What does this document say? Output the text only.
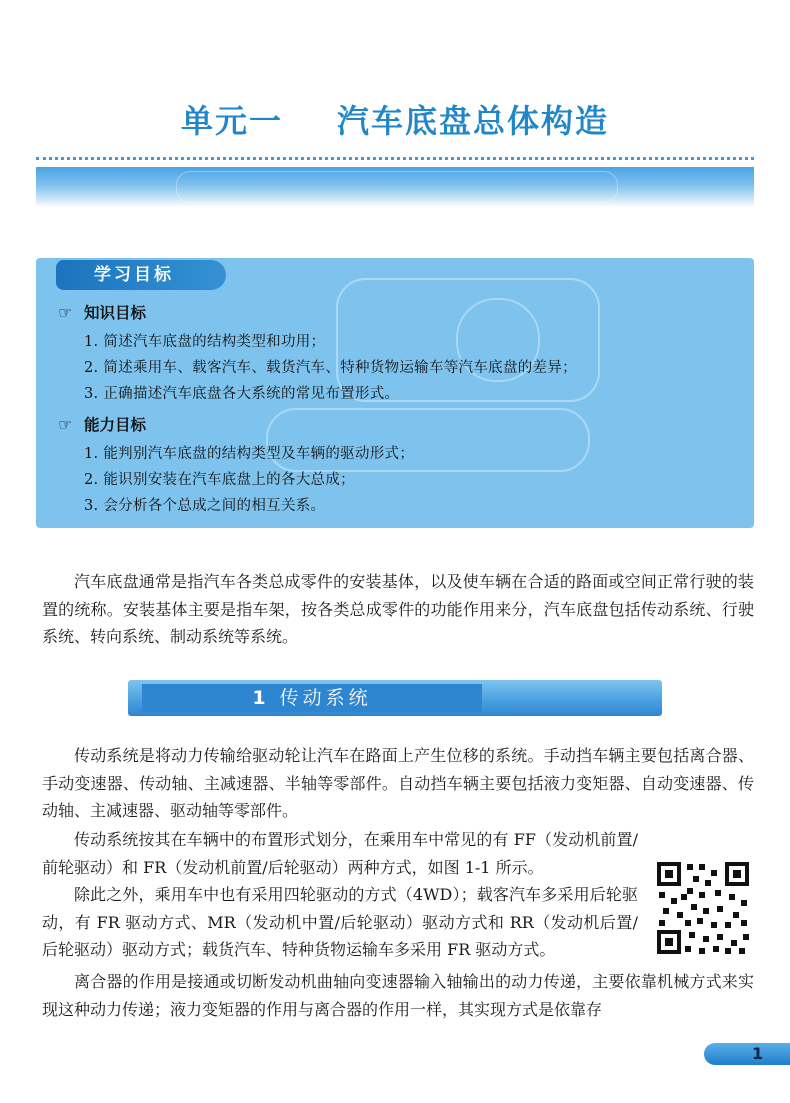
单元一 汽车底盘总体构造
学习目标
☞ 知识目标
1. 简述汽车底盘的结构类型和功用；
2. 简述乘用车、载客汽车、载货汽车、特种货物运输车等汽车底盘的差异；
3. 正确描述汽车底盘各大系统的常见布置形式。
☞ 能力目标
1. 能判别汽车底盘的结构类型及车辆的驱动形式；
2. 能识别安装在汽车底盘上的各大总成；
3. 会分析各个总成之间的相互关系。

汽车底盘通常是指汽车各类总成零件的安装基体，以及使车辆在合适的路面或空间正常行驶的装置的统称。安装基体主要是指车架，按各类总成零件的功能作用来分，汽车底盘包括传动系统、行驶系统、转向系统、制动系统等系统。

1 传动系统

传动系统是将动力传输给驱动轮让汽车在路面上产生位移的系统。手动挡车辆主要包括离合器、手动变速器、传动轴、主减速器、半轴等零部件。自动挡车辆主要包括液力变矩器、自动变速器、传动轴、主减速器、驱动轴等零部件。

传动系统按其在车辆中的布置形式划分，在乘用车中常见的有 FF（发动机前置/前轮驱动）和 FR（发动机前置/后轮驱动）两种方式，如图 1-1 所示。

除此之外，乘用车中也有采用四轮驱动的方式（4WD）；载客汽车多采用后轮驱动，有 FR 驱动方式、MR（发动机中置/后轮驱动）驱动方式和 RR（发动机后置/后轮驱动）驱动方式；载货汽车、特种货物运输车多采用 FR 驱动方式。

离合器的作用是接通或切断发动机曲轴向变速器输入轴输出的动力传递，主要依靠机械方式来实现这种动力传递；液力变矩器的作用与离合器的作用一样，其实现方式是依靠存

1
